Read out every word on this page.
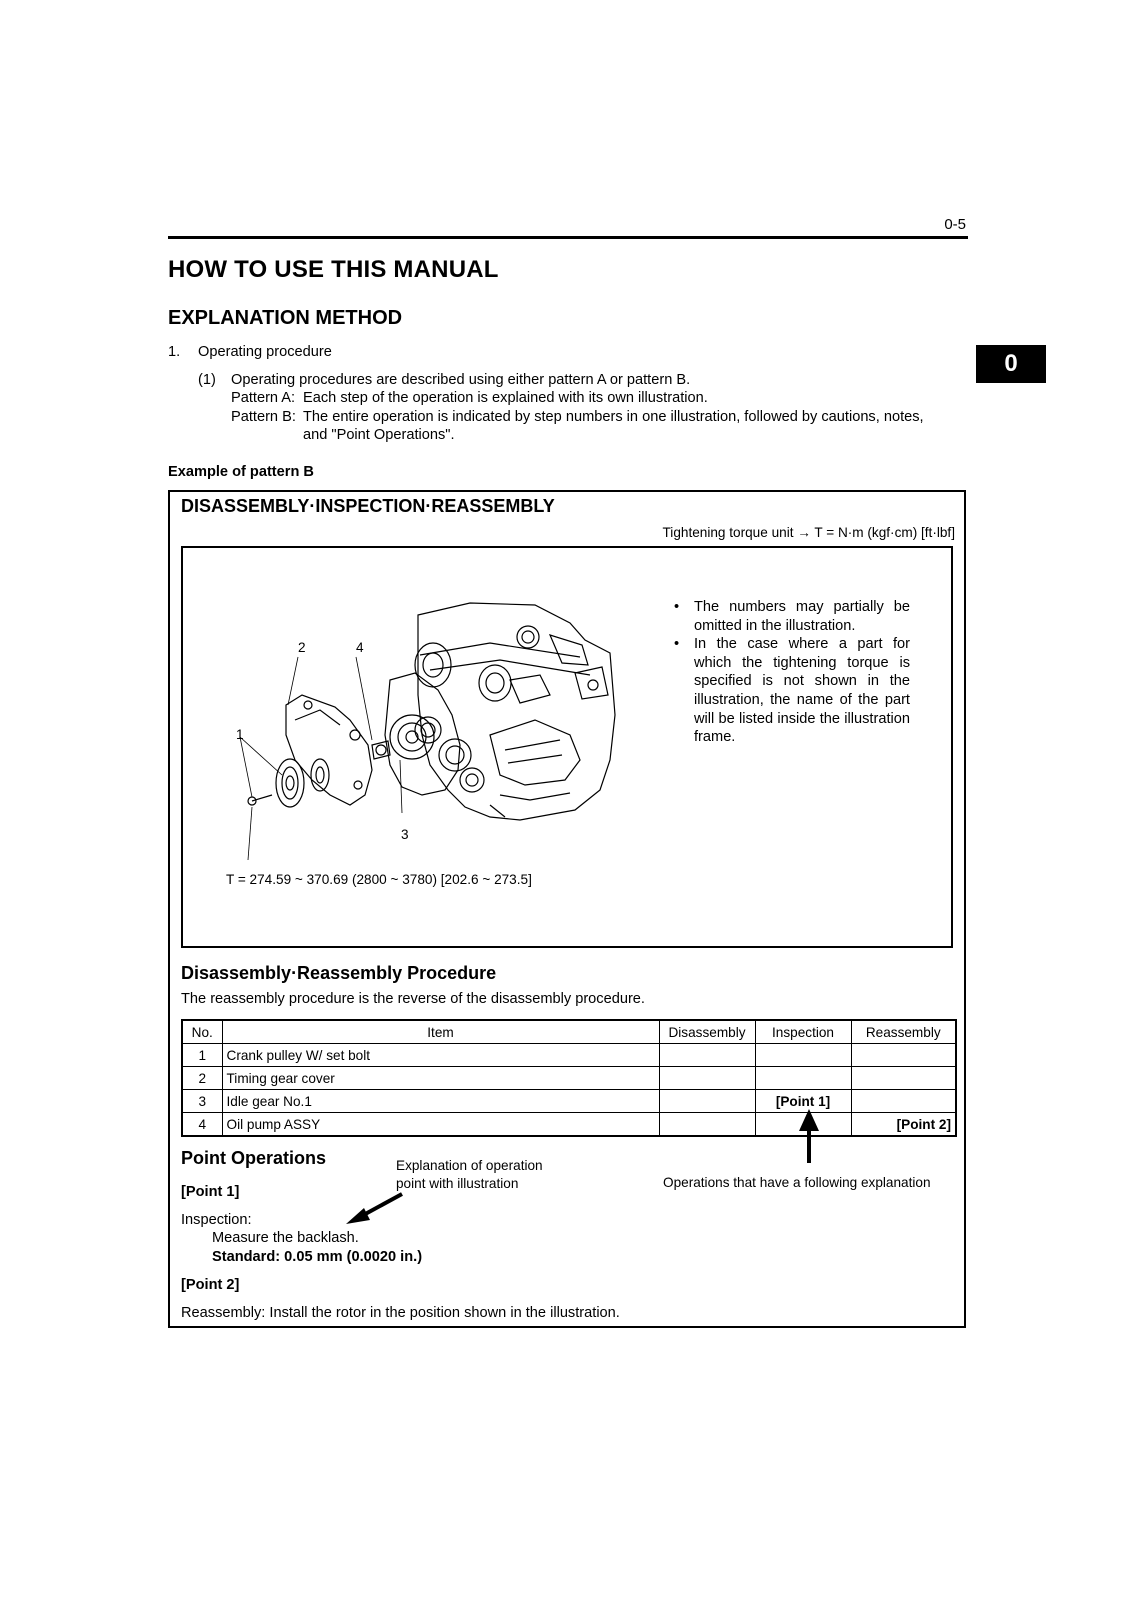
0-5
HOW TO USE THIS MANUAL
EXPLANATION METHOD
0
1. Operating procedure
(1) Operating procedures are described using either pattern A or pattern B.
Pattern A: Each step of the operation is explained with its own illustration.
Pattern B: The entire operation is indicated by step numbers in one illustration, followed by cautions, notes,
and "Point Operations".
Example of pattern B
DISASSEMBLY·INSPECTION·REASSEMBLY
Tightening torque unit → T = N·m (kgf·cm) [ft·lbf]
2	4
1
3
T = 274.59 ~ 370.69 (2800 ~ 3780) [202.6 ~ 273.5]
• The numbers may partially be omitted in the illustration.
• In the case where a part for which the tightening torque is specified is not shown in the illustration, the name of the part will be listed inside the illustration frame.
Disassembly·Reassembly Procedure
The reassembly procedure is the reverse of the disassembly procedure.
No.	Item	Disassembly	Inspection	Reassembly
1	Crank pulley W/ set bolt			
2	Timing gear cover			
3	Idle gear No.1		[Point 1]	
4	Oil pump ASSY			[Point 2]
Point Operations
[Point 1]
Inspection:
Measure the backlash.
Standard: 0.05 mm (0.0020 in.)
[Point 2]
Reassembly: Install the rotor in the position shown in the illustration.
Explanation of operation
point with illustration	Operations that have a following explanation
